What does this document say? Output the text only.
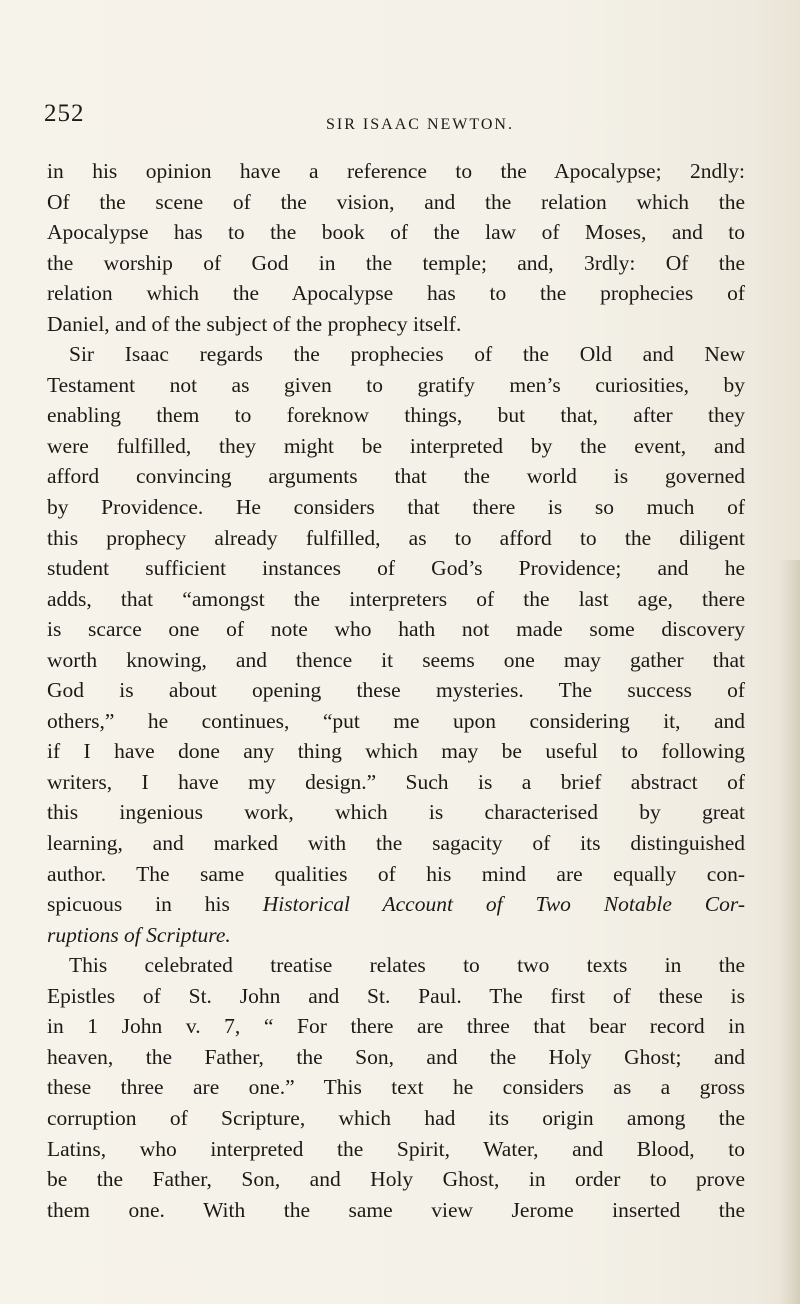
252	SIR ISAAC NEWTON.
in his opinion have a reference to the Apocalypse; 2ndly:
Of the scene of the vision, and the relation which the
Apocalypse has to the book of the law of Moses, and to
the worship of God in the temple; and, 3rdly: Of the
relation which the Apocalypse has to the prophecies of
Daniel, and of the subject of the prophecy itself.
Sir Isaac regards the prophecies of the Old and New
Testament not as given to gratify men’s curiosities, by
enabling them to foreknow things, but that, after they
were fulfilled, they might be interpreted by the event, and
afford convincing arguments that the world is governed
by Providence. He considers that there is so much of
this prophecy already fulfilled, as to afford to the diligent
student sufficient instances of God’s Providence; and he
adds, that “amongst the interpreters of the last age, there
is scarce one of note who hath not made some discovery
worth knowing, and thence it seems one may gather that
God is about opening these mysteries. The success of
others,” he continues, “put me upon considering it, and
if I have done any thing which may be useful to following
writers, I have my design.” Such is a brief abstract of
this ingenious work, which is characterised by great
learning, and marked with the sagacity of its distinguished
author. The same qualities of his mind are equally con-
spicuous in his Historical Account of Two Notable Cor-
ruptions of Scripture.
This celebrated treatise relates to two texts in the
Epistles of St. John and St. Paul. The first of these is
in 1 John v. 7, “ For there are three that bear record in
heaven, the Father, the Son, and the Holy Ghost; and
these three are one.” This text he considers as a gross
corruption of Scripture, which had its origin among the
Latins, who interpreted the Spirit, Water, and Blood, to
be the Father, Son, and Holy Ghost, in order to prove
them one. With the same view Jerome inserted the
